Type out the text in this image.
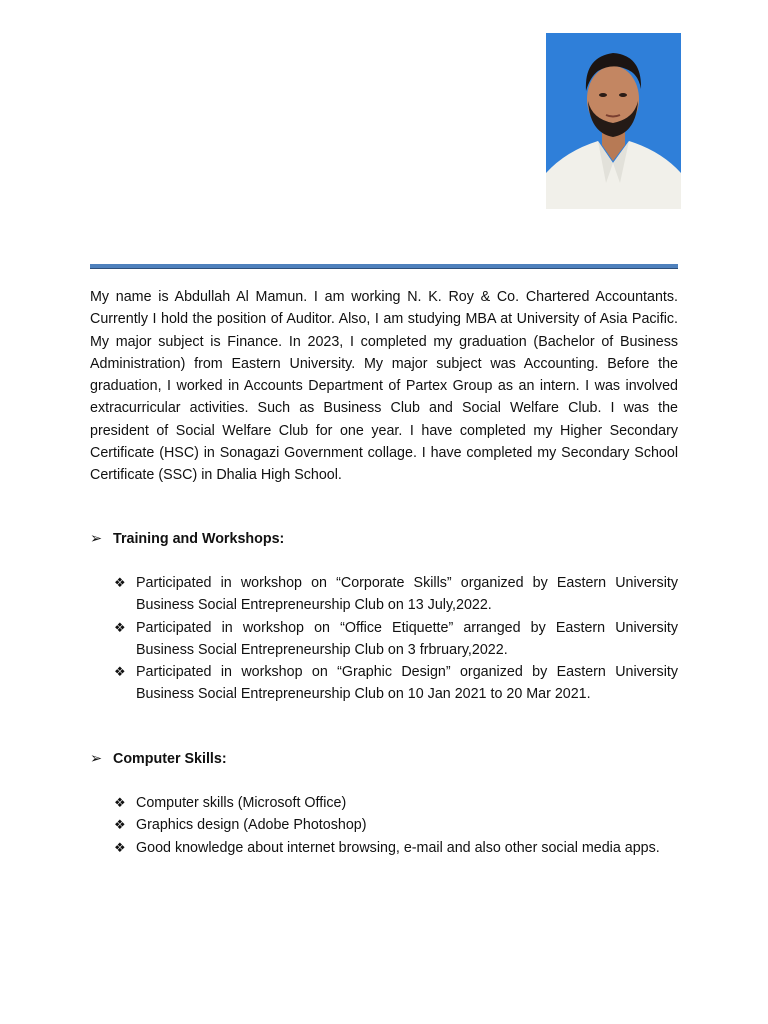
My name is Abdullah Al Mamun. I am working N. K. Roy & Co. Chartered Accountants. Currently I hold the position of Auditor. Also, I am studying MBA at University of Asia Pacific. My major subject is Finance. In 2023, I completed my graduation (Bachelor of Business Administration) from Eastern University. My major subject was Accounting. Before the graduation, I worked in Accounts Department of Partex Group as an intern. I was involved extracurricular activities. Such as Business Club and Social Welfare Club. I was the president of Social Welfare Club for one year. I have completed my Higher Secondary Certificate (HSC) in Sonagazi Government collage. I have completed my Secondary School Certificate (SSC) in Dhalia High School.

➢ Training and Workshops:
❖ Participated in workshop on “Corporate Skills” organized by Eastern University Business Social Entrepreneurship Club on 13 July,2022.
❖ Participated in workshop on “Office Etiquette” arranged by Eastern University Business Social Entrepreneurship Club on 3 frbruary,2022.
❖ Participated in workshop on “Graphic Design” organized by Eastern University Business Social Entrepreneurship Club on 10 Jan 2021 to 20 Mar 2021.
➢ Computer Skills:
❖ Computer skills (Microsoft Office)
❖ Graphics design (Adobe Photoshop)
❖ Good knowledge about internet browsing, e-mail and also other social media apps.
